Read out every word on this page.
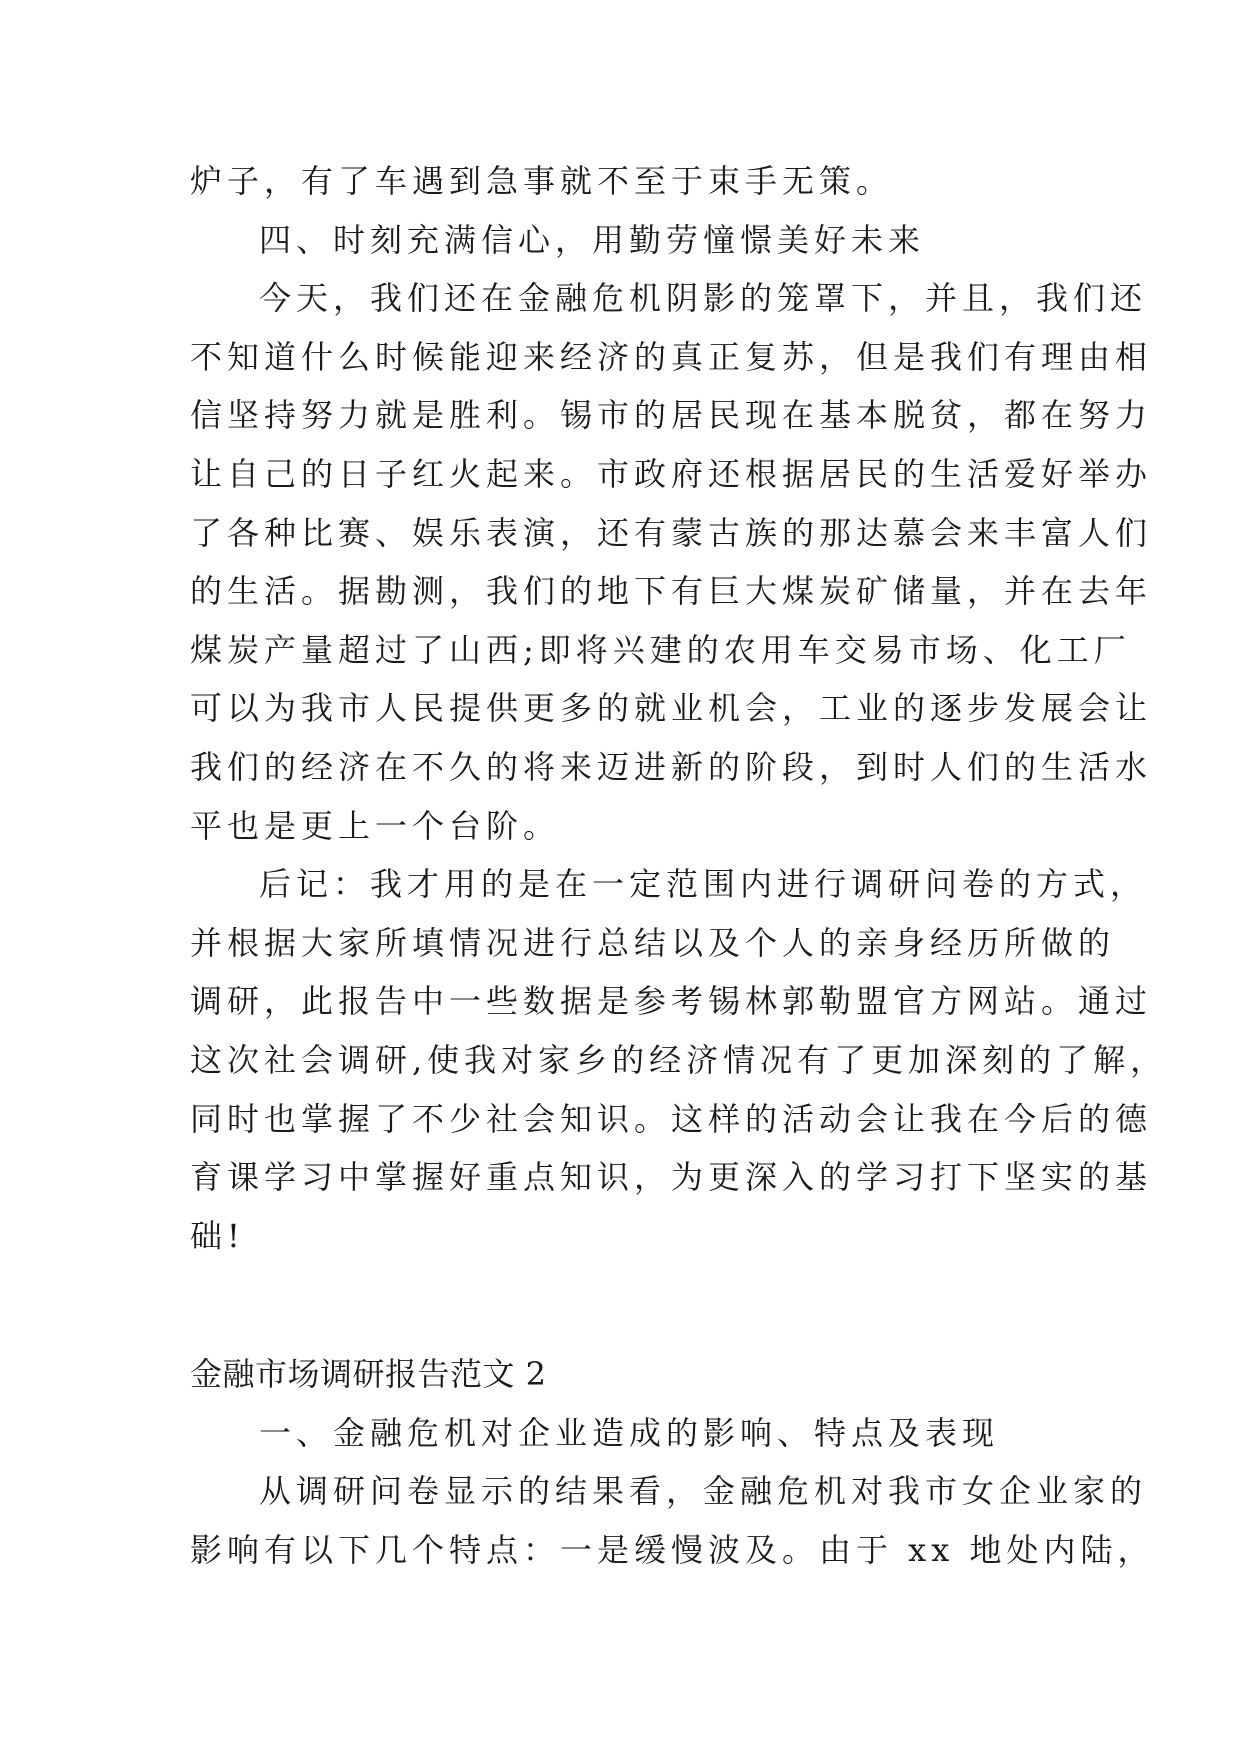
炉子，有了车遇到急事就不至于束手无策。
四、时刻充满信心，用勤劳憧憬美好未来
今天，我们还在金融危机阴影的笼罩下，并且，我们还
不知道什么时候能迎来经济的真正复苏，但是我们有理由相
信坚持努力就是胜利。锡市的居民现在基本脱贫，都在努力
让自己的日子红火起来。市政府还根据居民的生活爱好举办
了各种比赛、娱乐表演，还有蒙古族的那达慕会来丰富人们
的生活。据勘测，我们的地下有巨大煤炭矿储量，并在去年
煤炭产量超过了山西;即将兴建的农用车交易市场、化工厂
可以为我市人民提供更多的就业机会，工业的逐步发展会让
我们的经济在不久的将来迈进新的阶段，到时人们的生活水
平也是更上一个台阶。
后记：我才用的是在一定范围内进行调研问卷的方式，
并根据大家所填情况进行总结以及个人的亲身经历所做的
调研，此报告中一些数据是参考锡林郭勒盟官方网站。通过
这次社会调研,使我对家乡的经济情况有了更加深刻的了解，
同时也掌握了不少社会知识。这样的活动会让我在今后的德
育课学习中掌握好重点知识，为更深入的学习打下坚实的基
础!
金融市场调研报告范文 2
一、金融危机对企业造成的影响、特点及表现
从调研问卷显示的结果看，金融危机对我市女企业家的
影响有以下几个特点：一是缓慢波及。由于 xx 地处内陆，
